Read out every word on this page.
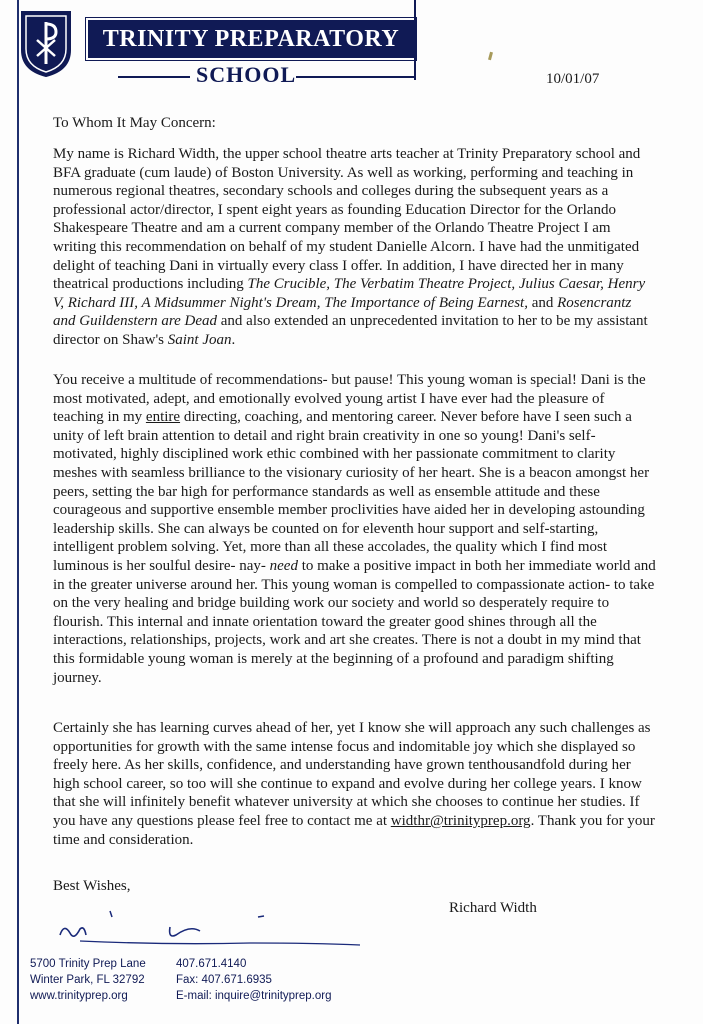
TRINITY PREPARATORY
SCHOOL	10/01/07
To Whom It May Concern:
My name is Richard Width, the upper school theatre arts teacher at Trinity Preparatory school and BFA graduate (cum laude) of Boston University. As well as working, performing and teaching in numerous regional theatres, secondary schools and colleges during the subsequent years as a professional actor/director, I spent eight years as founding Education Director for the Orlando Shakespeare Theatre and am a current company member of the Orlando Theatre Project I am writing this recommendation on behalf of my student Danielle Alcorn. I have had the unmitigated delight of teaching Dani in virtually every class I offer. In addition, I have directed her in many theatrical productions including The Crucible, The Verbatim Theatre Project, Julius Caesar, Henry V, Richard III, A Midsummer Night's Dream, The Importance of Being Earnest, and Rosencrantz and Guildenstern are Dead and also extended an unprecedented invitation to her to be my assistant director on Shaw's Saint Joan.
You receive a multitude of recommendations- but pause! This young woman is special! Dani is the most motivated, adept, and emotionally evolved young artist I have ever had the pleasure of teaching in my entire directing, coaching, and mentoring career. Never before have I seen such a unity of left brain attention to detail and right brain creativity in one so young! Dani's self-motivated, highly disciplined work ethic combined with her passionate commitment to clarity meshes with seamless brilliance to the visionary curiosity of her heart. She is a beacon amongst her peers, setting the bar high for performance standards as well as ensemble attitude and these courageous and supportive ensemble member proclivities have aided her in developing astounding leadership skills. She can always be counted on for eleventh hour support and self-starting, intelligent problem solving. Yet, more than all these accolades, the quality which I find most luminous is her soulful desire- nay- need to make a positive impact in both her immediate world and in the greater universe around her. This young woman is compelled to compassionate action- to take on the very healing and bridge building work our society and world so desperately require to flourish. This internal and innate orientation toward the greater good shines through all the interactions, relationships, projects, work and art she creates. There is not a doubt in my mind that this formidable young woman is merely at the beginning of a profound and paradigm shifting journey.
Certainly she has learning curves ahead of her, yet I know she will approach any such challenges as opportunities for growth with the same intense focus and indomitable joy which she displayed so freely here. As her skills, confidence, and understanding have grown tenthousandfold during her high school career, so too will she continue to expand and evolve during her college years. I know that she will infinitely benefit whatever university at which she chooses to continue her studies. If you have any questions please feel free to contact me at widthr@trinityprep.org. Thank you for your time and consideration.
Best Wishes,
Richard Width
5700 Trinity Prep Lane
Winter Park, FL 32792
www.trinityprep.org
407.671.4140
Fax: 407.671.6935
E-mail: inquire@trinityprep.org
